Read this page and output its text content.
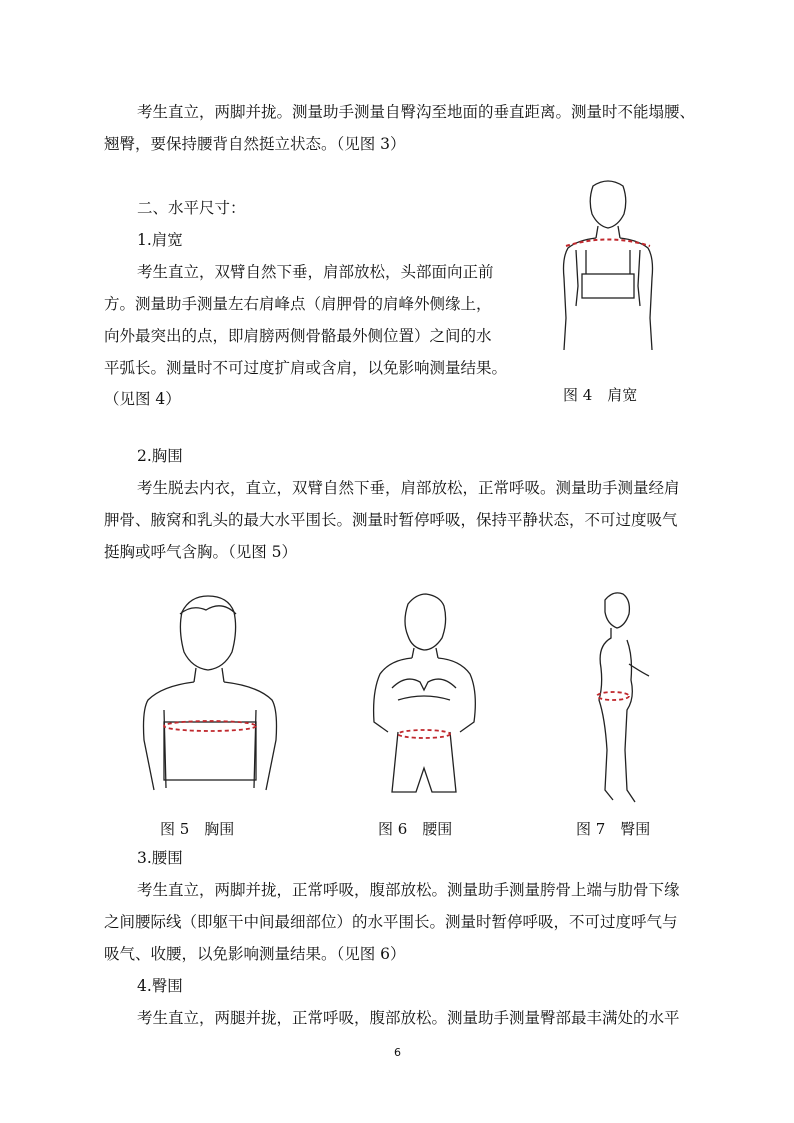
考生直立，两脚并拢。测量助手测量自臀沟至地面的垂直距离。测量时不能塌腰、

翘臀，要保持腰背自然挺立状态。（见图 3）

二、水平尺寸：

1.肩宽

考生直立，双臂自然下垂，肩部放松，头部面向正前

方。测量助手测量左右肩峰点（肩胛骨的肩峰外侧缘上，

向外最突出的点，即肩膀两侧骨骼最外侧位置）之间的水

平弧长。测量时不可过度扩肩或含肩，以免影响测量结果。

（见图 4）	图 4　肩宽

2.胸围

考生脱去内衣，直立，双臂自然下垂，肩部放松，正常呼吸。测量助手测量经肩

胛骨、腋窝和乳头的最大水平围长。测量时暂停呼吸，保持平静状态，不可过度吸气

挺胸或呼气含胸。（见图 5）

图 5　胸围	图 6　腰围	图 7　臀围

3.腰围

考生直立，两脚并拢，正常呼吸，腹部放松。测量助手测量胯骨上端与肋骨下缘

之间腰际线（即躯干中间最细部位）的水平围长。测量时暂停呼吸，不可过度呼气与

吸气、收腰，以免影响测量结果。（见图 6）

4.臀围

考生直立，两腿并拢，正常呼吸，腹部放松。测量助手测量臀部最丰满处的水平

6
